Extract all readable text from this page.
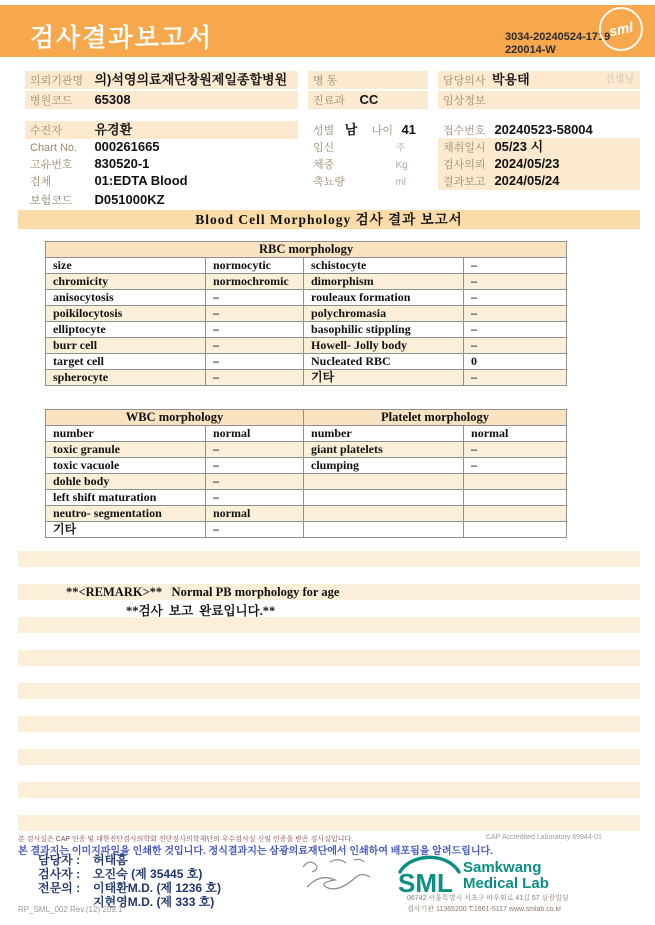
검사결과보고서	3034-20240524-1719
220014-W
sml
의뢰기관명 의)석영의료재단창원제일종합병원
병원코드 65308
수진자	유경환
Chart No. 000261665
고유번호 830520-1
검체	01:EDTA Blood
보험코드 D051000KZ
병 동
진료과 CC
성별 남 나이 41
임신	주
체중	Kg
축뇨량	ml
담당의사 박용태	선생님
임상정보
접수번호 20240523-58004
채취일시 05/23 시
검사의뢰 2024/05/23
결과보고 2024/05/24
Blood Cell Morphology 검사 결과 보고서
RBC morphology			
size	normocytic	schistocyte	–
chromicity	normochromic	dimorphism	–
anisocytosis	–	rouleaux formation	–
poikilocytosis	–	polychromasia	–
elliptocyte	–	basophilic stippling	–
burr cell	–	Howell- Jolly body	–
target cell	–	Nucleated RBC	0
spherocyte	–	기타	–
WBC morphology		Platelet morphology	
number	normal	number	normal
toxic granule	–	giant platelets	–
toxic vacuole	–	clumping	–
dohle body	–		
left shift maturation	–		
neutro- segmentation	normal		
기타	–		
**<REMARK>**   Normal PB morphology for age
**검사  보고  완료입니다.**
본 검사실은 CAP 인증 및 대한진단검사의학회 진단검사의학재단의 우수검사실 신임 인증을 받은 검사실입니다.	CAP Accredited Laboratory 69944-01
본 결과지는 이미지파일을 인쇄한 것입니다. 정식결과지는 삼광의료재단에서 인쇄하여 배포됨을 알려드립니다.
담당자 :	허태흠
검사자 :	오진숙 (제 35445 호)
전문의 :	이태환M.D. (제 1236 호)
지현영M.D. (제 333 호)
SML
Samkwang
Medical Lab
06742 서울특별시 서초구 바우뫼로 41길 57 삼광빌딩
검사기관 11365200 T.1661-5117 www.smlab.co.kr
RP_SML_002 Rev.(12) 209.1
